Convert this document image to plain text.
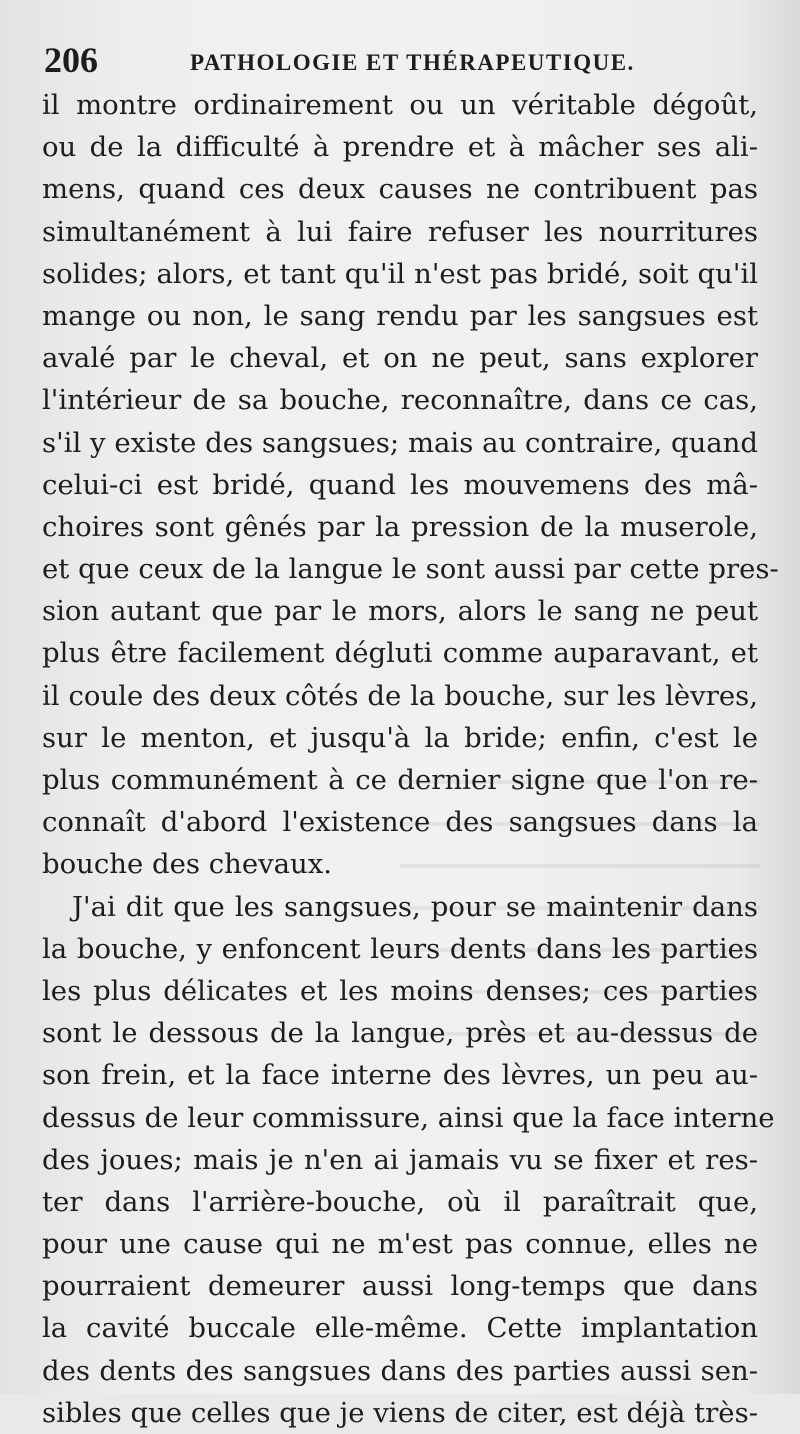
206	PATHOLOGIE ET THÉRAPEUTIQUE.
il montre ordinairement ou un véritable dégoût,
ou de la difficulté à prendre et à mâcher ses ali-
mens, quand ces deux causes ne contribuent pas
simultanément à lui faire refuser les nourritures
solides; alors, et tant qu'il n'est pas bridé, soit qu'il
mange ou non, le sang rendu par les sangsues est
avalé par le cheval, et on ne peut, sans explorer
l'intérieur de sa bouche, reconnaître, dans ce cas,
s'il y existe des sangsues; mais au contraire, quand
celui-ci est bridé, quand les mouvemens des mâ-
choires sont gênés par la pression de la muserole,
et que ceux de la langue le sont aussi par cette pres-
sion autant que par le mors, alors le sang ne peut
plus être facilement dégluti comme auparavant, et
il coule des deux côtés de la bouche, sur les lèvres,
sur le menton, et jusqu'à la bride; enfin, c'est le
plus communément à ce dernier signe que l'on re-
connaît d'abord l'existence des sangsues dans la
bouche des chevaux.
J'ai dit que les sangsues, pour se maintenir dans
la bouche, y enfoncent leurs dents dans les parties
les plus délicates et les moins denses; ces parties
sont le dessous de la langue, près et au-dessus de
son frein, et la face interne des lèvres, un peu au-
dessus de leur commissure, ainsi que la face interne
des joues; mais je n'en ai jamais vu se fixer et res-
ter dans l'arrière-bouche, où il paraîtrait que,
pour une cause qui ne m'est pas connue, elles ne
pourraient demeurer aussi long-temps que dans
la cavité buccale elle-même. Cette implantation
des dents des sangsues dans des parties aussi sen-
sibles que celles que je viens de citer, est déjà très-
